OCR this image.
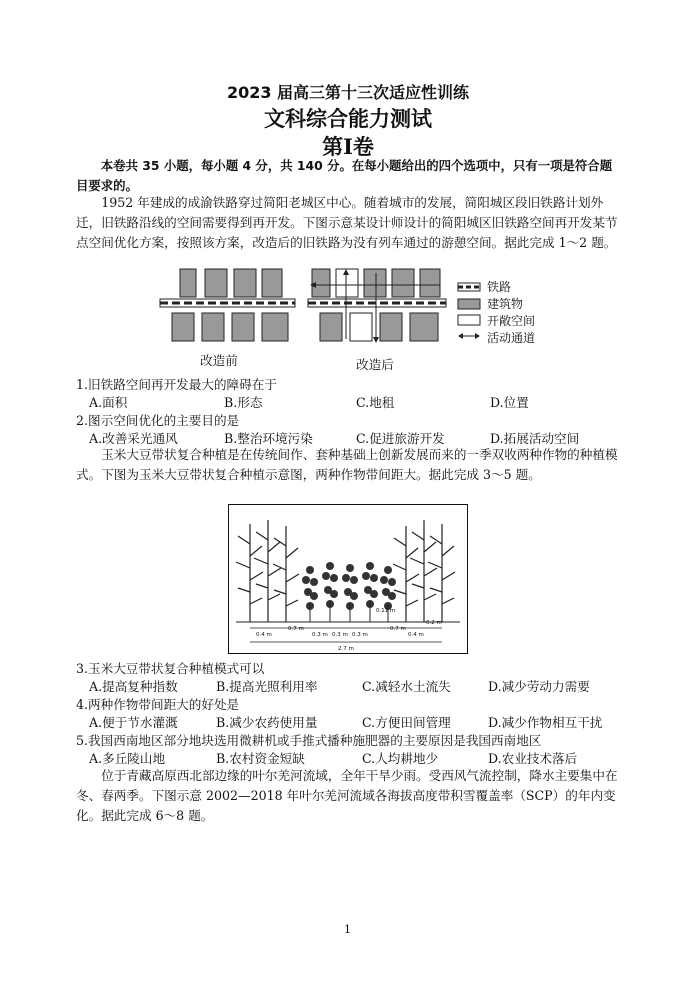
2023 届高三第十三次适应性训练
文科综合能力测试
第Ⅰ卷
本卷共 35 小题，每小题 4 分，共 140 分。在每小题给出的四个选项中，只有一项是符合题目要求的。
1952 年建成的成渝铁路穿过简阳老城区中心。随着城市的发展，简阳城区段旧铁路计划外迁，旧铁路沿线的空间需要得到再开发。下图示意某设计师设计的简阳城区旧铁路空间再开发某节点空间优化方案，按照该方案，改造后的旧铁路为没有列车通过的游憩空间。据此完成 1～2 题。
铁路
建筑物
开敞空间
活动通道
改造前	改造后
1.旧铁路空间再开发最大的障碍在于
A.面积	B.形态	C.地租	D.位置
2.图示空间优化的主要目的是
A.改善采光通风	B.整治环境污染	C.促进旅游开发	D.拓展活动空间
玉米大豆带状复合种植是在传统间作、套种基础上创新发展而来的一季双收两种作物的种植模式。下图为玉米大豆带状复合种植示意图，两种作物带间距大。据此完成 3～5 题。
0.4 m
0.7 m
0.3 m 0.3 m 0.3 m
0.7 m
0.4 m
2.7 m
0.11 m
0.2 m
3.玉米大豆带状复合种植模式可以
A.提高复种指数	B.提高光照利用率	C.减轻水土流失	D.减少劳动力需要
4.两种作物带间距大的好处是
A.便于节水灌溉	B.减少农药使用量	C.方便田间管理	D.减少作物相互干扰
5.我国西南地区部分地块选用微耕机或手推式播种施肥器的主要原因是我国西南地区
A.多丘陵山地	B.农村资金短缺	C.人均耕地少	D.农业技术落后
位于青藏高原西北部边缘的叶尔羌河流域，全年干旱少雨。受西风气流控制，降水主要集中在冬、春两季。下图示意 2002—2018 年叶尔羌河流域各海拔高度带积雪覆盖率（SCP）的年内变化。据此完成 6～8 题。
1
